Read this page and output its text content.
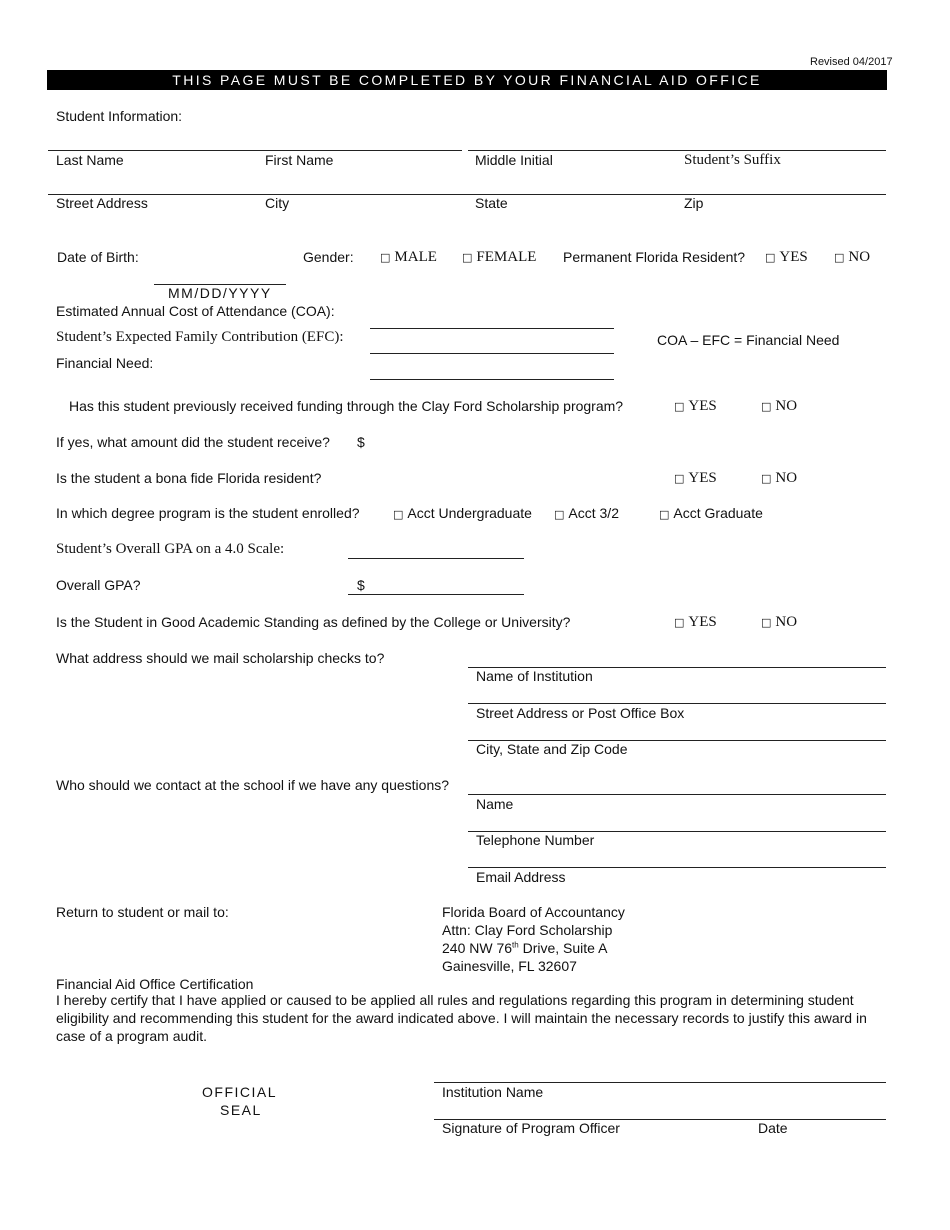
Revised 04/2017
THIS PAGE MUST BE COMPLETED BY YOUR FINANCIAL AID OFFICE
Student Information:
Last Name	First Name	Middle Initial	Student’s Suffix
Street Address	City	State	Zip
Date of Birth:
MM/DD/YYYY
Gender: □ MALE □ FEMALE Permanent Florida Resident? □ YES □ NO
Estimated Annual Cost of Attendance (COA):
Student’s Expected Family Contribution (EFC):	COA – EFC = Financial Need
Financial Need:
Has this student previously received funding through the Clay Ford Scholarship program?	□ YES	□ NO
If yes, what amount did the student receive? $
Is the student a bona fide Florida resident?	□ YES	□ NO
In which degree program is the student enrolled?	□ Acct Undergraduate □ Acct 3/2	□ Acct Graduate
Student’s Overall GPA on a 4.0 Scale:
Overall GPA?	$
Is the Student in Good Academic Standing as defined by the College or University?	□ YES	□ NO
What address should we mail scholarship checks to?
Name of Institution
Street Address or Post Office Box
City, State and Zip Code
Who should we contact at the school if we have any questions?
Name
Telephone Number
Email Address
Return to student or mail to:	Florida Board of Accountancy
Attn: Clay Ford Scholarship
240 NW 76th Drive, Suite A
Gainesville, FL 32607
Financial Aid Office Certification
I hereby certify that I have applied or caused to be applied all rules and regulations regarding this program in determining student eligibility and recommending this student for the award indicated above. I will maintain the necessary records to justify this award in case of a program audit.
OFFICIAL
SEAL
Institution Name
Signature of Program Officer	Date
